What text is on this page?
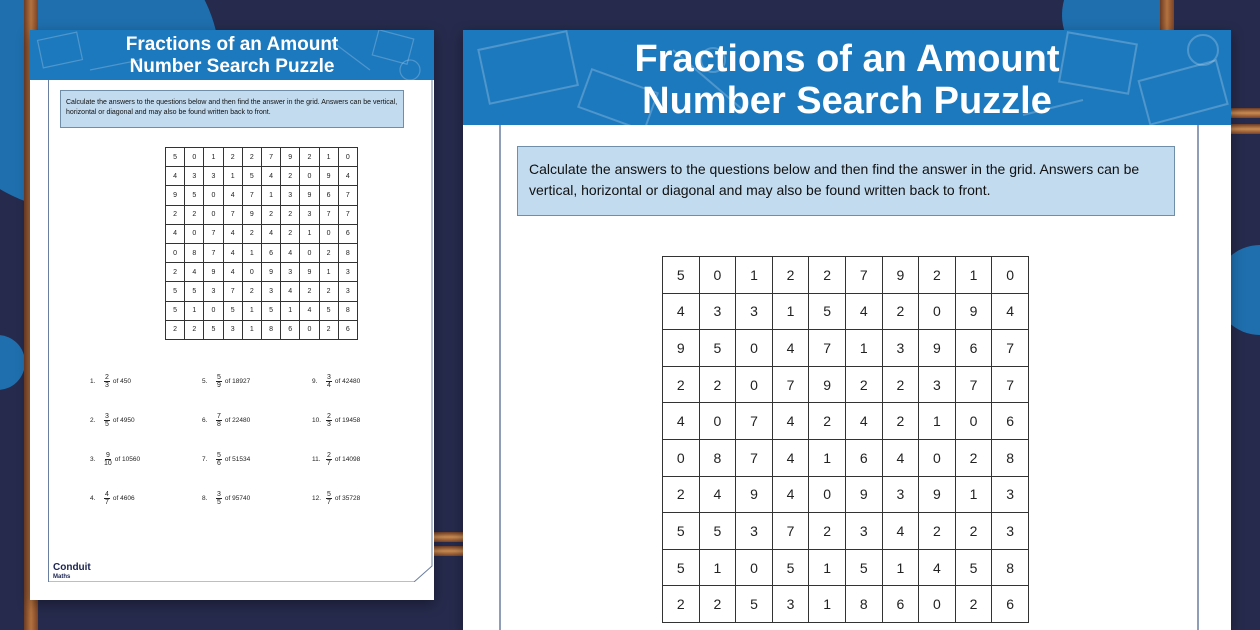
Fractions of an Amount
Number Search Puzzle
Calculate the answers to the questions below and then find the answer in the grid. Answers can be vertical, horizontal or diagonal and may also be found written back to front.
5	0	1	2	2	7	9	2	1	0
4	3	3	1	5	4	2	0	9	4
9	5	0	4	7	1	3	9	6	7
2	2	0	7	9	2	2	3	7	7
4	0	7	4	2	4	2	1	0	6
0	8	7	4	1	6	4	0	2	8
2	4	9	4	0	9	3	9	1	3
5	5	3	7	2	3	4	2	2	3
5	1	0	5	1	5	1	4	5	8
2	2	5	3	1	8	6	0	2	6
1.	$\frac{2}{3}$ of 450
2.	$\frac{3}{5}$ of 4950
3.	$\frac{9}{10}$ of 10560
4.	$\frac{4}{7}$ of 4606
5.	$\frac{5}{9}$ of 18927
6.	$\frac{7}{8}$ of 22480
7.	$\frac{5}{6}$ of 51534
8.	$\frac{3}{5}$ of 95740
9.	$\frac{3}{4}$ of 42480
10. $\frac{2}{3}$ of 19458
11. $\frac{2}{7}$ of 14098
12. $\frac{5}{7}$ of 35728
Conduit
Maths
Fractions of an Amount
Number Search Puzzle
Calculate the answers to the questions below and then find the answer in the grid. Answers can be vertical, horizontal or diagonal and may also be found written back to front.
5	0	1	2	2	7	9	2	1	0
4	3	3	1	5	4	2	0	9	4
9	5	0	4	7	1	3	9	6	7
2	2	0	7	9	2	2	3	7	7
4	0	7	4	2	4	2	1	0	6
0	8	7	4	1	6	4	0	2	8
2	4	9	4	0	9	3	9	1	3
5	5	3	7	2	3	4	2	2	3
5	1	0	5	1	5	1	4	5	8
2	2	5	3	1	8	6	0	2	6
